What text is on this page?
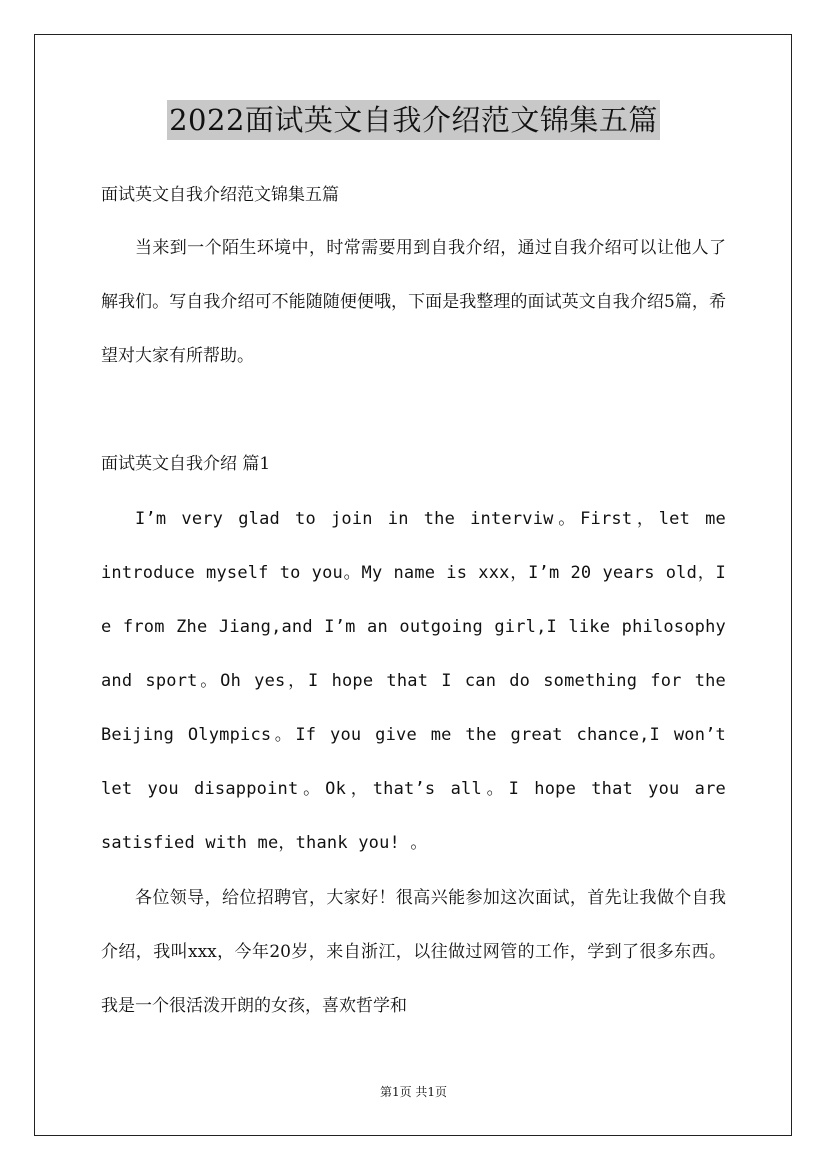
2022面试英文自我介绍范文锦集五篇

面试英文自我介绍范文锦集五篇

当来到一个陌生环境中，时常需要用到自我介绍，通过自我介绍可以让他人了解我们。写自我介绍可不能随随便便哦，下面是我整理的面试英文自我介绍5篇，希望对大家有所帮助。

面试英文自我介绍 篇1

I’m very glad to join in the interviw。First，let me introduce myself to you。My name is xxx，I’m 20 years old，I e from Zhe Jiang,and I’m an outgoing girl,I like philosophy and sport。Oh yes，I hope that I can do something for the Beijing Olympics。If you give me the great chance,I won’t let you disappoint。Ok，that’s all。I hope that you are satisfied with me，thank you! 。

各位领导，给位招聘官，大家好！很高兴能参加这次面试，首先让我做个自我介绍，我叫xxx，今年20岁，来自浙江，以往做过网管的工作，学到了很多东西。我是一个很活泼开朗的女孩，喜欢哲学和

第1页 共1页
